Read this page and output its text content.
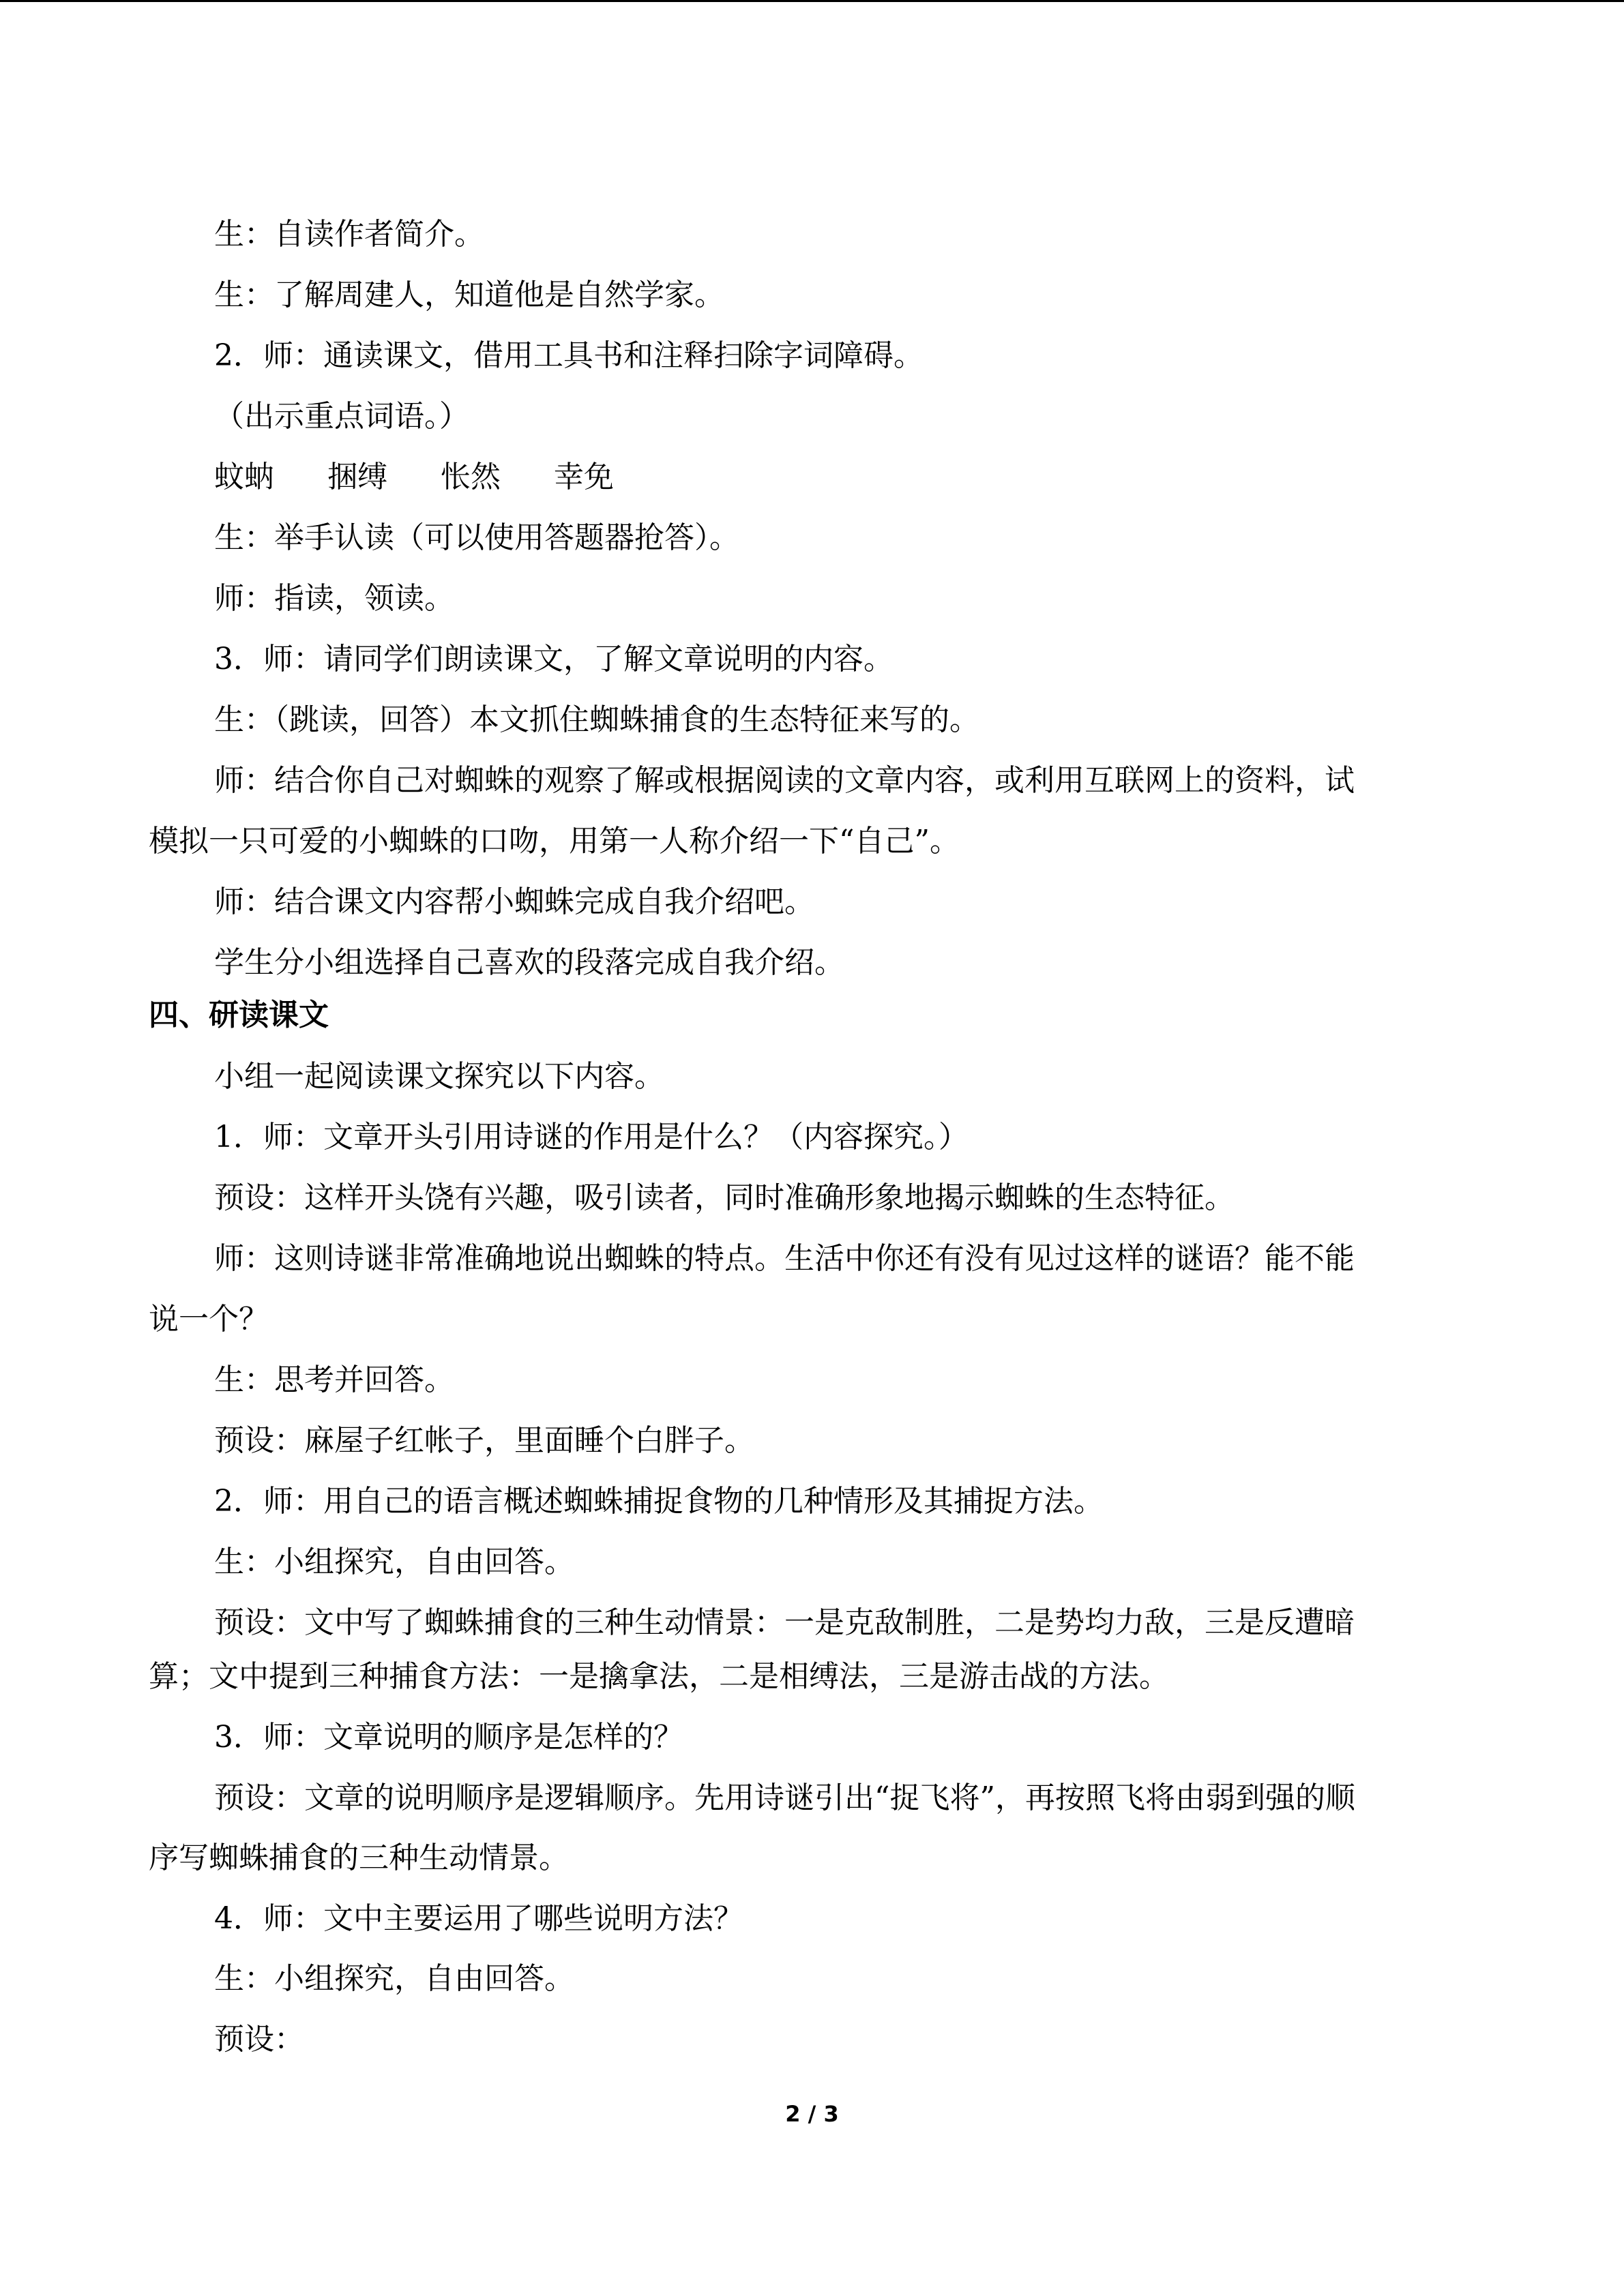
生：自读作者简介。
生：了解周建人，知道他是自然学家。
2．师：通读课文，借用工具书和注释扫除字词障碍。
（出示重点词语。）
蚊蚋 捆缚 怅然 幸免
生：举手认读（可以使用答题器抢答）。
师：指读，领读。
3．师：请同学们朗读课文，了解文章说明的内容。
生：（跳读，回答）本文抓住蜘蛛捕食的生态特征来写的。
师：结合你自己对蜘蛛的观察了解或根据阅读的文章内容，或利用互联网上的资料，试
模拟一只可爱的小蜘蛛的口吻，用第一人称介绍一下“自己”。
师：结合课文内容帮小蜘蛛完成自我介绍吧。
学生分小组选择自己喜欢的段落完成自我介绍。
四、研读课文
小组一起阅读课文探究以下内容。
1．师：文章开头引用诗谜的作用是什么？（内容探究。）
预设：这样开头饶有兴趣，吸引读者，同时准确形象地揭示蜘蛛的生态特征。
师：这则诗谜非常准确地说出蜘蛛的特点。生活中你还有没有见过这样的谜语？能不能
说一个？
生：思考并回答。
预设：麻屋子红帐子，里面睡个白胖子。
2．师：用自己的语言概述蜘蛛捕捉食物的几种情形及其捕捉方法。
生：小组探究，自由回答。
预设：文中写了蜘蛛捕食的三种生动情景：一是克敌制胜，二是势均力敌，三是反遭暗
算；文中提到三种捕食方法：一是擒拿法，二是相缚法，三是游击战的方法。
3．师：文章说明的顺序是怎样的？
预设：文章的说明顺序是逻辑顺序。先用诗谜引出“捉飞将”，再按照飞将由弱到强的顺
序写蜘蛛捕食的三种生动情景。
4．师：文中主要运用了哪些说明方法？
生：小组探究，自由回答。
预设：
2 / 3
